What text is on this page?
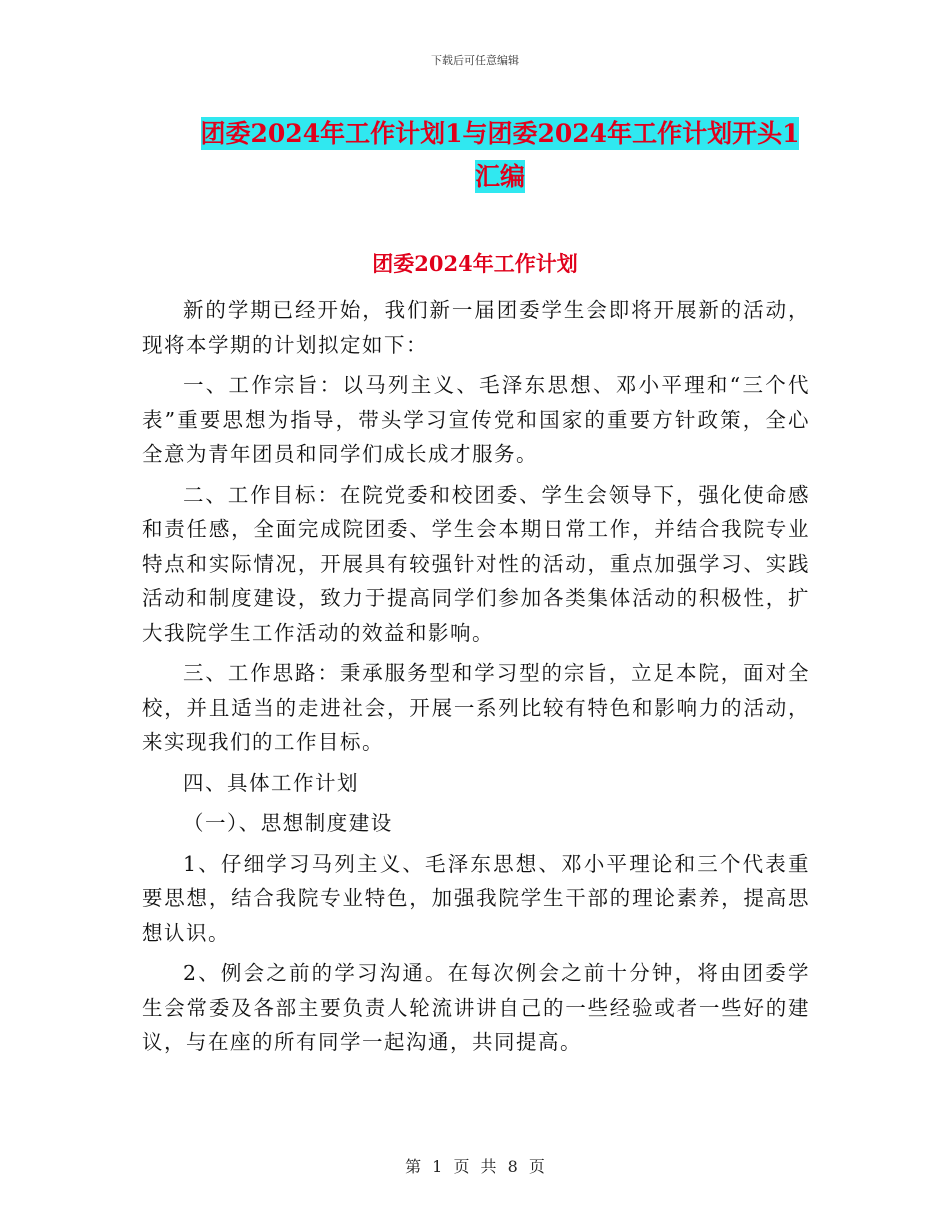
下载后可任意编辑
团委2024年工作计划1与团委2024年工作计划开头1
汇编
团委2024年工作计划

新的学期已经开始，我们新一届团委学生会即将开展新的活动，现将本学期的计划拟定如下：

一、工作宗旨：以马列主义、毛泽东思想、邓小平理和“三个代表”重要思想为指导，带头学习宣传党和国家的重要方针政策，全心全意为青年团员和同学们成长成才服务。

二、工作目标：在院党委和校团委、学生会领导下，强化使命感和责任感，全面完成院团委、学生会本期日常工作，并结合我院专业特点和实际情况，开展具有较强针对性的活动，重点加强学习、实践活动和制度建设，致力于提高同学们参加各类集体活动的积极性，扩大我院学生工作活动的效益和影响。

三、工作思路：秉承服务型和学习型的宗旨，立足本院，面对全校，并且适当的走进社会，开展一系列比较有特色和影响力的活动，来实现我们的工作目标。

四、具体工作计划

（一）、思想制度建设

1、仔细学习马列主义、毛泽东思想、邓小平理论和三个代表重要思想，结合我院专业特色，加强我院学生干部的理论素养，提高思想认识。

2、例会之前的学习沟通。在每次例会之前十分钟，将由团委学生会常委及各部主要负责人轮流讲讲自己的一些经验或者一些好的建议，与在座的所有同学一起沟通，共同提高。

第 1 页 共 8 页
